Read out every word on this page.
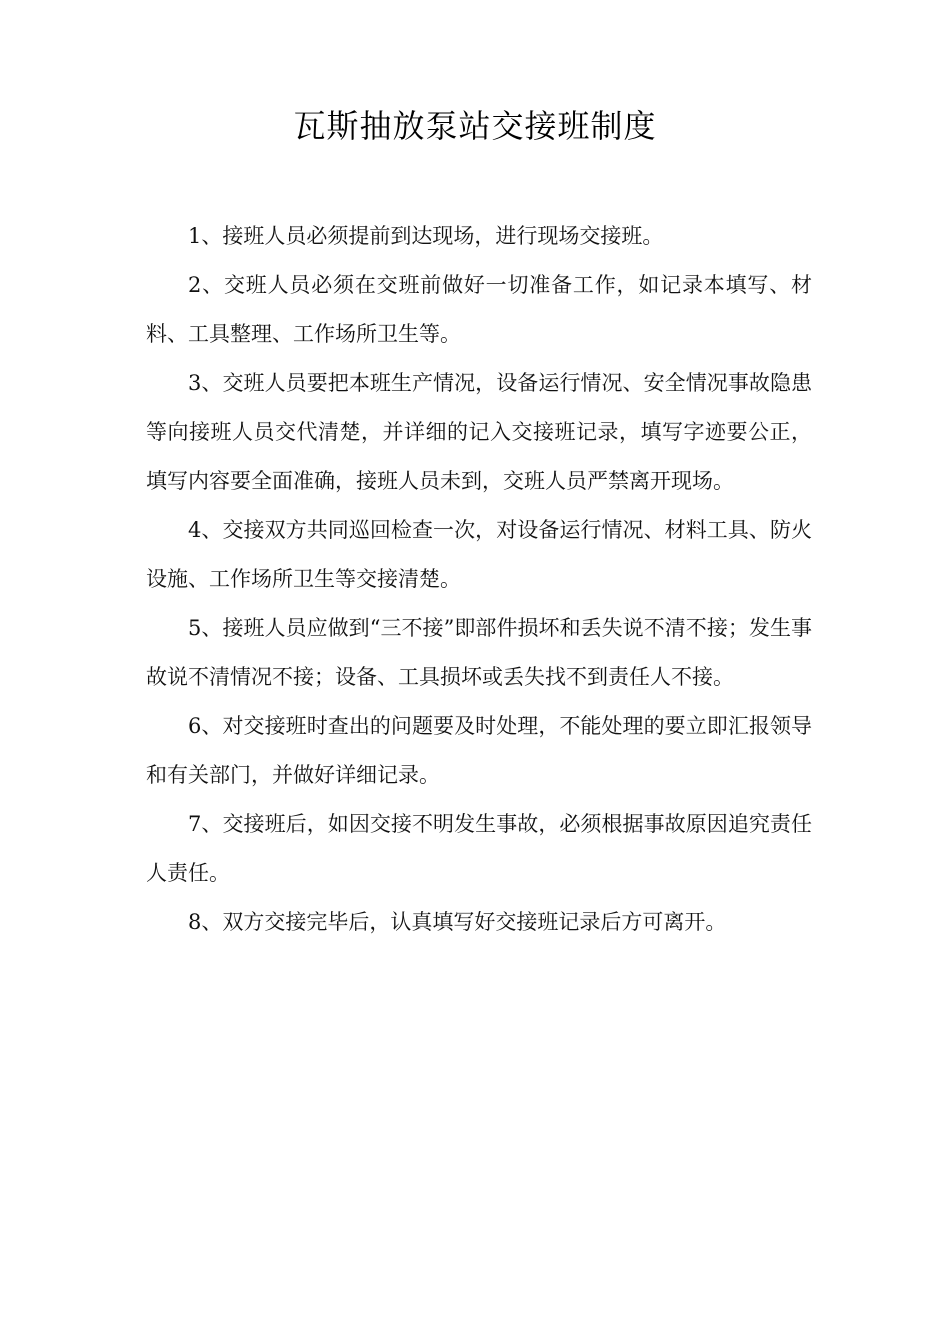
瓦斯抽放泵站交接班制度

1、接班人员必须提前到达现场，进行现场交接班。

2、交班人员必须在交班前做好一切准备工作，如记录本填写、材料、工具整理、工作场所卫生等。

3、交班人员要把本班生产情况，设备运行情况、安全情况事故隐患等向接班人员交代清楚，并详细的记入交接班记录，填写字迹要公正，填写内容要全面准确，接班人员未到，交班人员严禁离开现场。

4、交接双方共同巡回检查一次，对设备运行情况、材料工具、防火设施、工作场所卫生等交接清楚。

5、接班人员应做到“三不接”即部件损坏和丢失说不清不接；发生事故说不清情况不接；设备、工具损坏或丢失找不到责任人不接。

6、对交接班时查出的问题要及时处理，不能处理的要立即汇报领导和有关部门，并做好详细记录。

7、交接班后，如因交接不明发生事故，必须根据事故原因追究责任人责任。

8、双方交接完毕后，认真填写好交接班记录后方可离开。
